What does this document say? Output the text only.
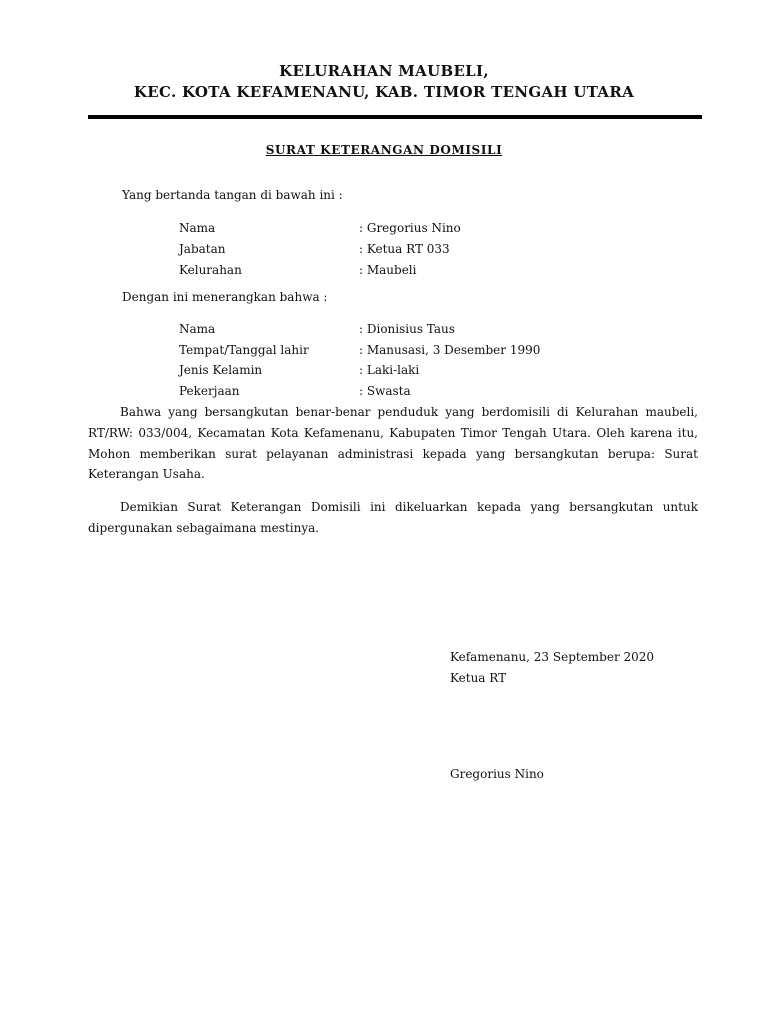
KELURAHAN MAUBELI,
KEC. KOTA KEFAMENANU, KAB. TIMOR TENGAH UTARA
SURAT KETERANGAN DOMISILI
Yang bertanda tangan di bawah ini :
Nama	: Gregorius Nino
Jabatan	: Ketua RT 033
Kelurahan	: Maubeli
Dengan ini menerangkan bahwa :
Nama	: Dionisius Taus
Tempat/Tanggal lahir	: Manusasi, 3 Desember 1990
Jenis Kelamin	: Laki-laki
Pekerjaan	: Swasta
Bahwa yang bersangkutan benar-benar penduduk yang berdomisili di Kelurahan maubeli, RT/RW: 033/004, Kecamatan Kota Kefamenanu, Kabupaten Timor Tengah Utara. Oleh karena itu, Mohon memberikan surat pelayanan administrasi kepada yang bersangkutan berupa: Surat Keterangan Usaha.
Demikian Surat Keterangan Domisili ini dikeluarkan kepada yang bersangkutan untuk dipergunakan sebagaimana mestinya.
Kefamenanu, 23 September 2020
Ketua RT
Gregorius Nino
